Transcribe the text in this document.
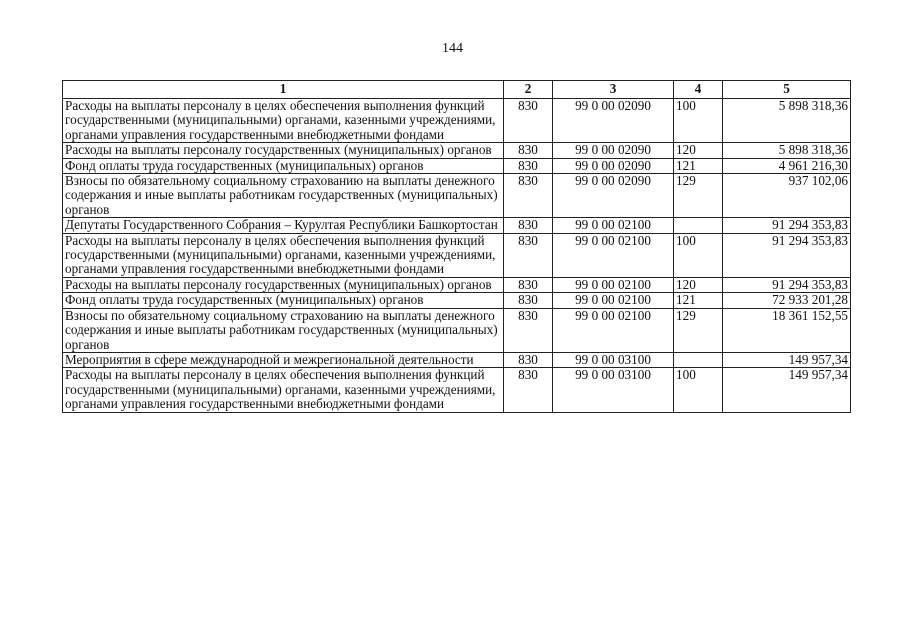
144
1	2	3	4	5
Расходы на выплаты персоналу в целях обеспечения выполнения функций государственными (муниципальными) органами, казенными учреждениями, органами управления государственными внебюджетными фондами	830	99 0 00 02090	100	5 898 318,36
Расходы на выплаты персоналу государственных (муниципальных) органов	830	99 0 00 02090	120	5 898 318,36
Фонд оплаты труда государственных (муниципальных) органов	830	99 0 00 02090	121	4 961 216,30
Взносы по обязательному социальному страхованию на выплаты денежного содержания и иные выплаты работникам государственных (муниципальных) органов	830	99 0 00 02090	129	937 102,06
Депутаты Государственного Собрания – Курултая Республики Башкортостан	830	99 0 00 02100		91 294 353,83
Расходы на выплаты персоналу в целях обеспечения выполнения функций государственными (муниципальными) органами, казенными учреждениями, органами управления государственными внебюджетными фондами	830	99 0 00 02100	100	91 294 353,83
Расходы на выплаты персоналу государственных (муниципальных) органов	830	99 0 00 02100	120	91 294 353,83
Фонд оплаты труда государственных (муниципальных) органов	830	99 0 00 02100	121	72 933 201,28
Взносы по обязательному социальному страхованию на выплаты денежного содержания и иные выплаты работникам государственных (муниципальных) органов	830	99 0 00 02100	129	18 361 152,55
Мероприятия в сфере международной и межрегиональной деятельности	830	99 0 00 03100		149 957,34
Расходы на выплаты персоналу в целях обеспечения выполнения функций государственными (муниципальными) органами, казенными учреждениями, органами управления государственными внебюджетными фондами	830	99 0 00 03100	100	149 957,34
